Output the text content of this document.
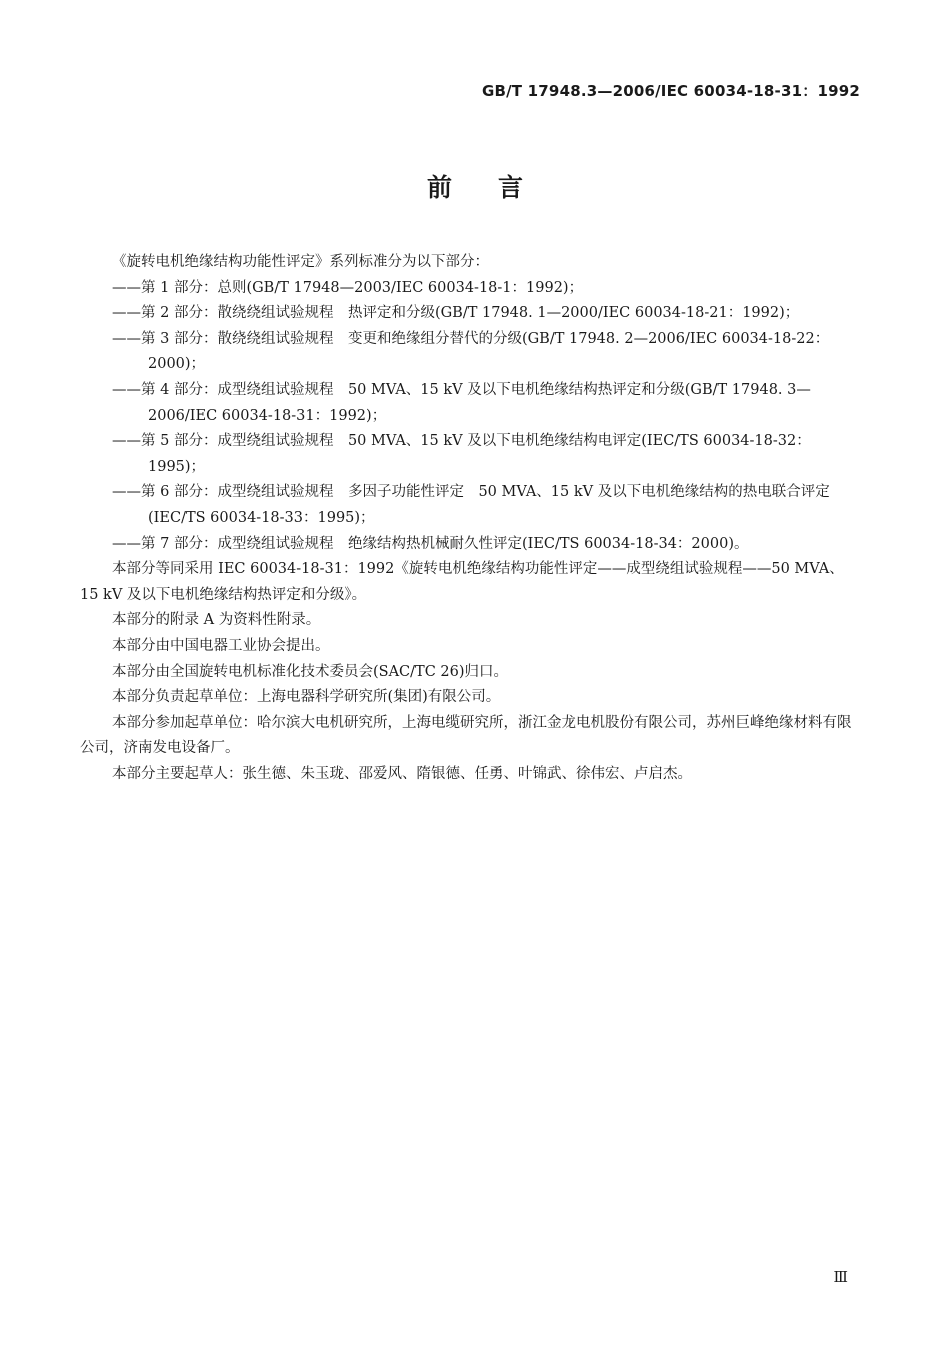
GB/T 17948.3—2006/IEC 60034-18-31：1992
前言

《旋转电机绝缘结构功能性评定》系列标准分为以下部分：

——第 1 部分：总则(GB/T 17948—2003/IEC 60034-18-1：1992)；

——第 2 部分：散绕绕组试验规程　热评定和分级(GB/T 17948. 1—2000/IEC 60034-18-21：1992)；

——第 3 部分：散绕绕组试验规程　变更和绝缘组分替代的分级(GB/T 17948. 2—2006/IEC 60034-18-22：2000)；

——第 4 部分：成型绕组试验规程　50 MVA、15 kV 及以下电机绝缘结构热评定和分级(GB/T 17948. 3—2006/IEC 60034-18-31：1992)；

——第 5 部分：成型绕组试验规程　50 MVA、15 kV 及以下电机绝缘结构电评定(IEC/TS 60034-18-32：1995)；

——第 6 部分：成型绕组试验规程　多因子功能性评定　50 MVA、15 kV 及以下电机绝缘结构的热电联合评定(IEC/TS 60034-18-33：1995)；

——第 7 部分：成型绕组试验规程　绝缘结构热机械耐久性评定(IEC/TS 60034-18-34：2000)。

本部分等同采用 IEC 60034-18-31：1992《旋转电机绝缘结构功能性评定——成型绕组试验规程——50 MVA、15 kV 及以下电机绝缘结构热评定和分级》。

本部分的附录 A 为资料性附录。

本部分由中国电器工业协会提出。

本部分由全国旋转电机标准化技术委员会(SAC/TC 26)归口。

本部分负责起草单位：上海电器科学研究所(集团)有限公司。

本部分参加起草单位：哈尔滨大电机研究所，上海电缆研究所，浙江金龙电机股份有限公司，苏州巨峰绝缘材料有限公司，济南发电设备厂。

本部分主要起草人：张生德、朱玉珑、邵爱风、隋银德、任勇、叶锦武、徐伟宏、卢启杰。

Ⅲ
